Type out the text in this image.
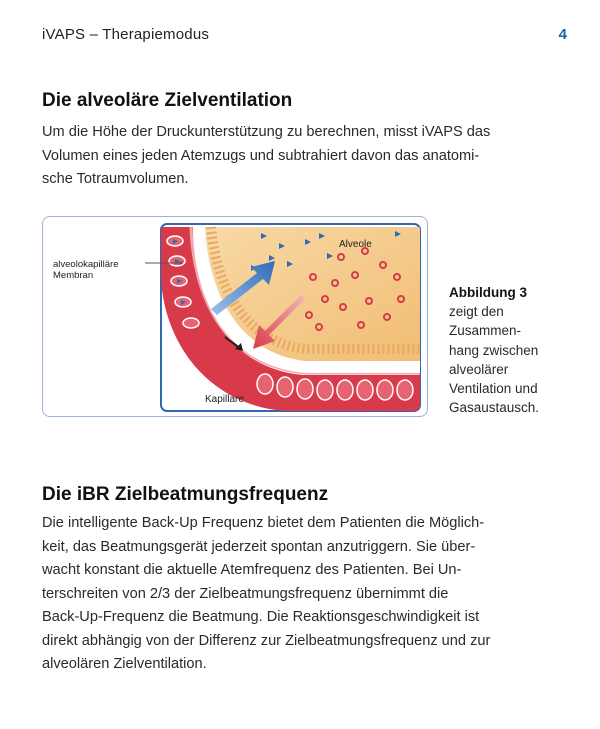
iVAPS – Therapiemodus	4
Die alveoläre Zielventilation
Um die Höhe der Druckunterstützung zu berechnen, misst iVAPS das
Volumen eines jeden Atemzugs und subtrahiert davon das anatomi-
sche Totraumvolumen.
alveolokapilläre
Membran
Alveole
Kapillare
Abbildung 3
zeigt den
Zusammen-
hang zwischen
alveolärer
Ventilation und
Gasaustausch.
Die iBR Zielbeatmungsfrequenz
Die intelligente Back-Up Frequenz bietet dem Patienten die Möglich-
keit, das Beatmungsgerät jederzeit spontan anzutriggern. Sie über-
wacht konstant die aktuelle Atemfrequenz des Patienten. Bei Un-
terschreiten von 2/3 der Zielbeatmungsfrequenz übernimmt die
Back-Up-Frequenz die Beatmung. Die Reaktionsgeschwindigkeit ist
direkt abhängig von der Differenz zur Zielbeatmungsfrequenz und zur
alveolären Zielventilation.
